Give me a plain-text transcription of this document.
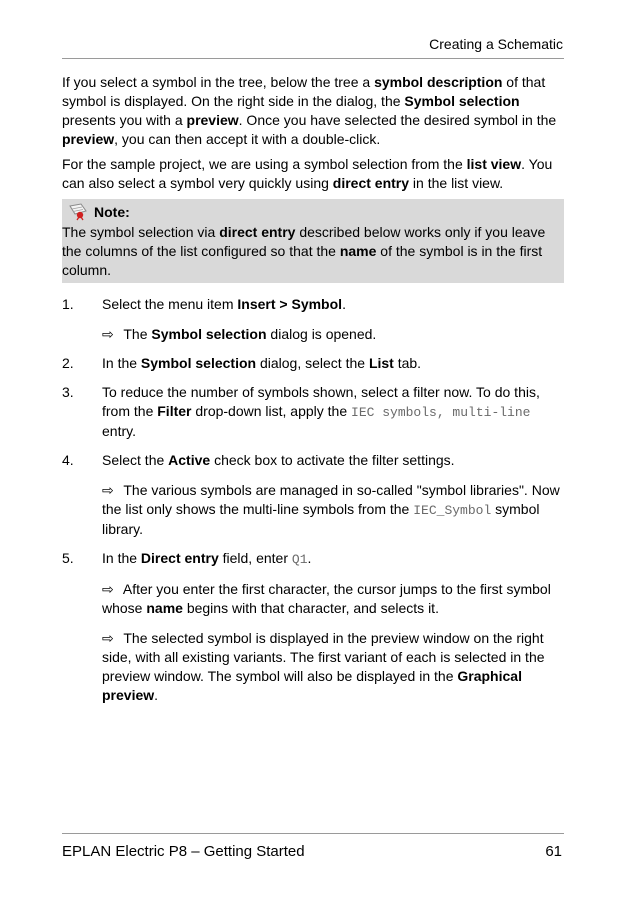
Creating a Schematic

If you select a symbol in the tree, below the tree a symbol description of that symbol is displayed. On the right side in the dialog, the Symbol selection presents you with a preview. Once you have selected the desired symbol in the preview, you can then accept it with a double-click.

For the sample project, we are using a symbol selection from the list view. You can also select a symbol very quickly using direct entry in the list view.

Note:
The symbol selection via direct entry described below works only if you leave the columns of the list configured so that the name of the symbol is in the first column.
1. Select the menu item Insert > Symbol.
⇨ The Symbol selection dialog is opened.
2. In the Symbol selection dialog, select the List tab.
3. To reduce the number of symbols shown, select a filter now. To do this, from the Filter drop-down list, apply the IEC symbols, multi-line entry.
4. Select the Active check box to activate the filter settings.
⇨ The various symbols are managed in so-called "symbol libraries". Now the list only shows the multi-line symbols from the IEC_Symbol symbol library.
5. In the Direct entry field, enter Q1.
⇨ After you enter the first character, the cursor jumps to the first symbol whose name begins with that character, and selects it.
⇨ The selected symbol is displayed in the preview window on the right side, with all existing variants. The first variant of each is selected in the preview window. The symbol will also be displayed in the Graphical preview.
EPLAN Electric P8 – Getting Started	61
